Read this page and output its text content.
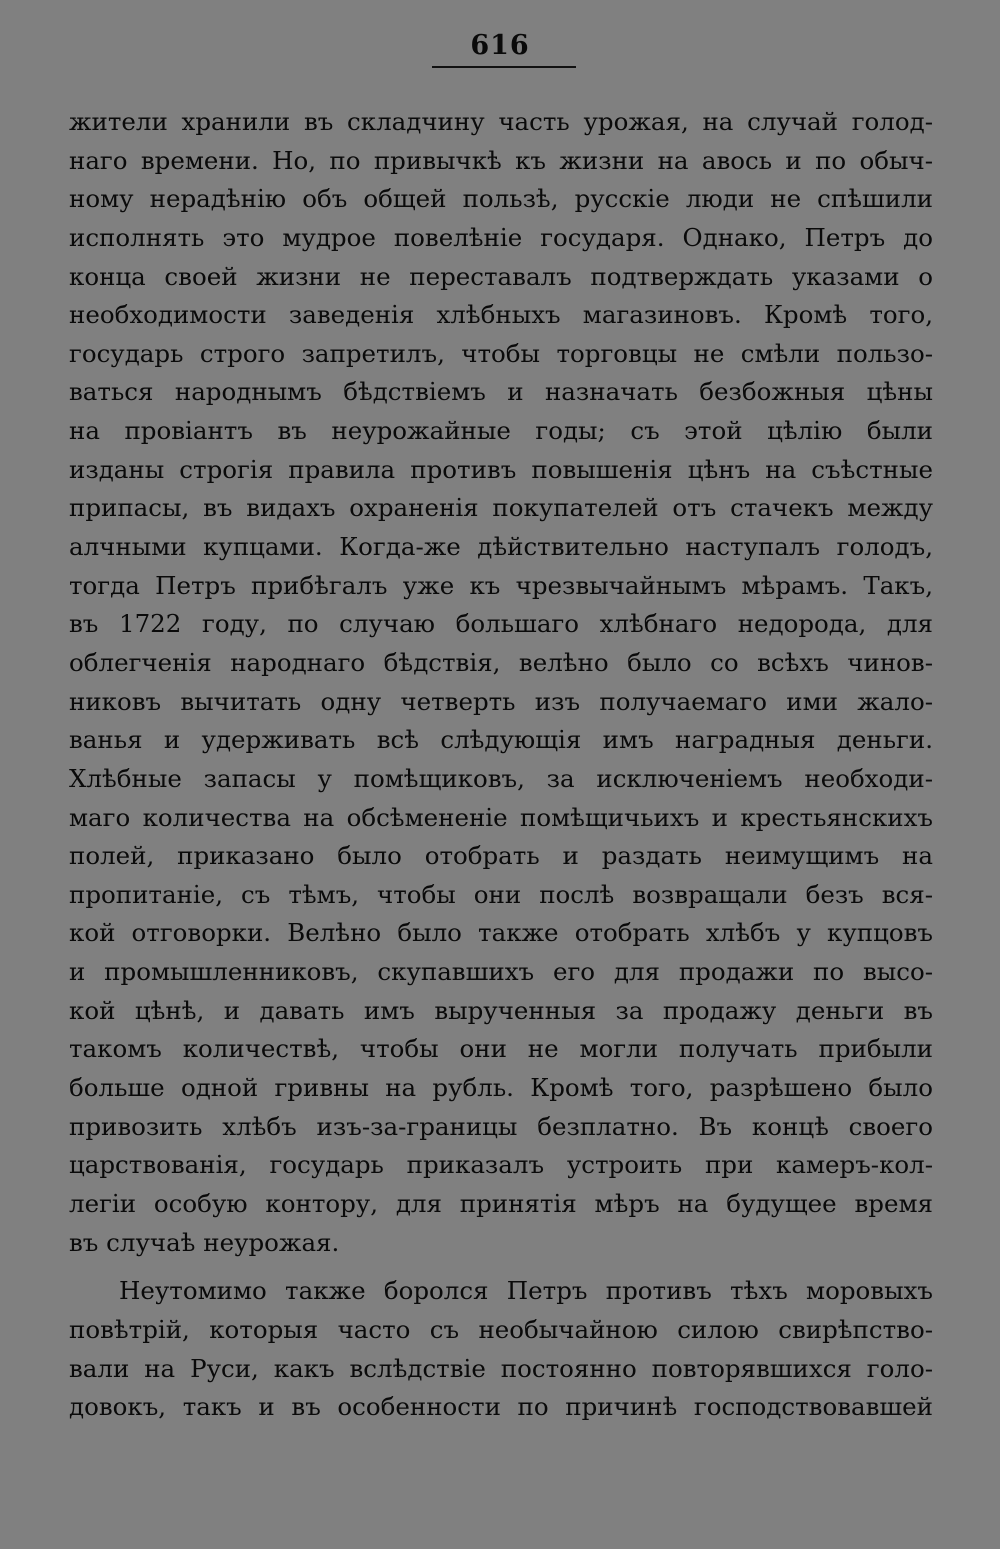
616
жители хранили въ складчину часть урожая, на случай голод-
наго времени. Но, по привычкѣ къ жизни на авось и по обыч-
ному нерадѣнію объ общей пользѣ, русскіе люди не спѣшили
исполнять это мудрое повелѣніе государя. Однако, Петръ до
конца своей жизни не переставалъ подтверждать указами о
необходимости заведенія хлѣбныхъ магазиновъ. Кромѣ того,
государь строго запретилъ, чтобы торговцы не смѣли пользо-
ваться народнымъ бѣдствіемъ и назначать безбожныя цѣны
на провіантъ въ неурожайные годы; съ этой цѣлію были
изданы строгія правила противъ повышенія цѣнъ на съѣстные
припасы, въ видахъ охраненія покупателей отъ стачекъ между
алчными купцами. Когда-же дѣйствительно наступалъ голодъ,
тогда Петръ прибѣгалъ уже къ чрезвычайнымъ мѣрамъ. Такъ,
въ 1722 году, по случаю большаго хлѣбнаго недорода, для
облегченія народнаго бѣдствія, велѣно было со всѣхъ чинов-
никовъ вычитать одну четверть изъ получаемаго ими жало-
ванья и удерживать всѣ слѣдующія имъ наградныя деньги.
Хлѣбные запасы у помѣщиковъ, за исключеніемъ необходи-
маго количества на обсѣмененіе помѣщичьихъ и крестьянскихъ
полей, приказано было отобрать и раздать неимущимъ на
пропитаніе, съ тѣмъ, чтобы они послѣ возвращали безъ вся-
кой отговорки. Велѣно было также отобрать хлѣбъ у купцовъ
и промышленниковъ, скупавшихъ его для продажи по высо-
кой цѣнѣ, и давать имъ вырученныя за продажу деньги въ
такомъ количествѣ, чтобы они не могли получать прибыли
больше одной гривны на рубль. Кромѣ того, разрѣшено было
привозить хлѣбъ изъ-за-границы безплатно. Въ концѣ своего
царствованія, государь приказалъ устроить при камеръ-кол-
легіи особую контору, для принятія мѣръ на будущее время
въ случаѣ неурожая.
Неутомимо также боролся Петръ противъ тѣхъ моровыхъ
повѣтрій, которыя часто съ необычайною силою свирѣпство-
вали на Руси, какъ вслѣдствіе постоянно повторявшихся голо-
довокъ, такъ и въ особенности по причинѣ господствовавшей
